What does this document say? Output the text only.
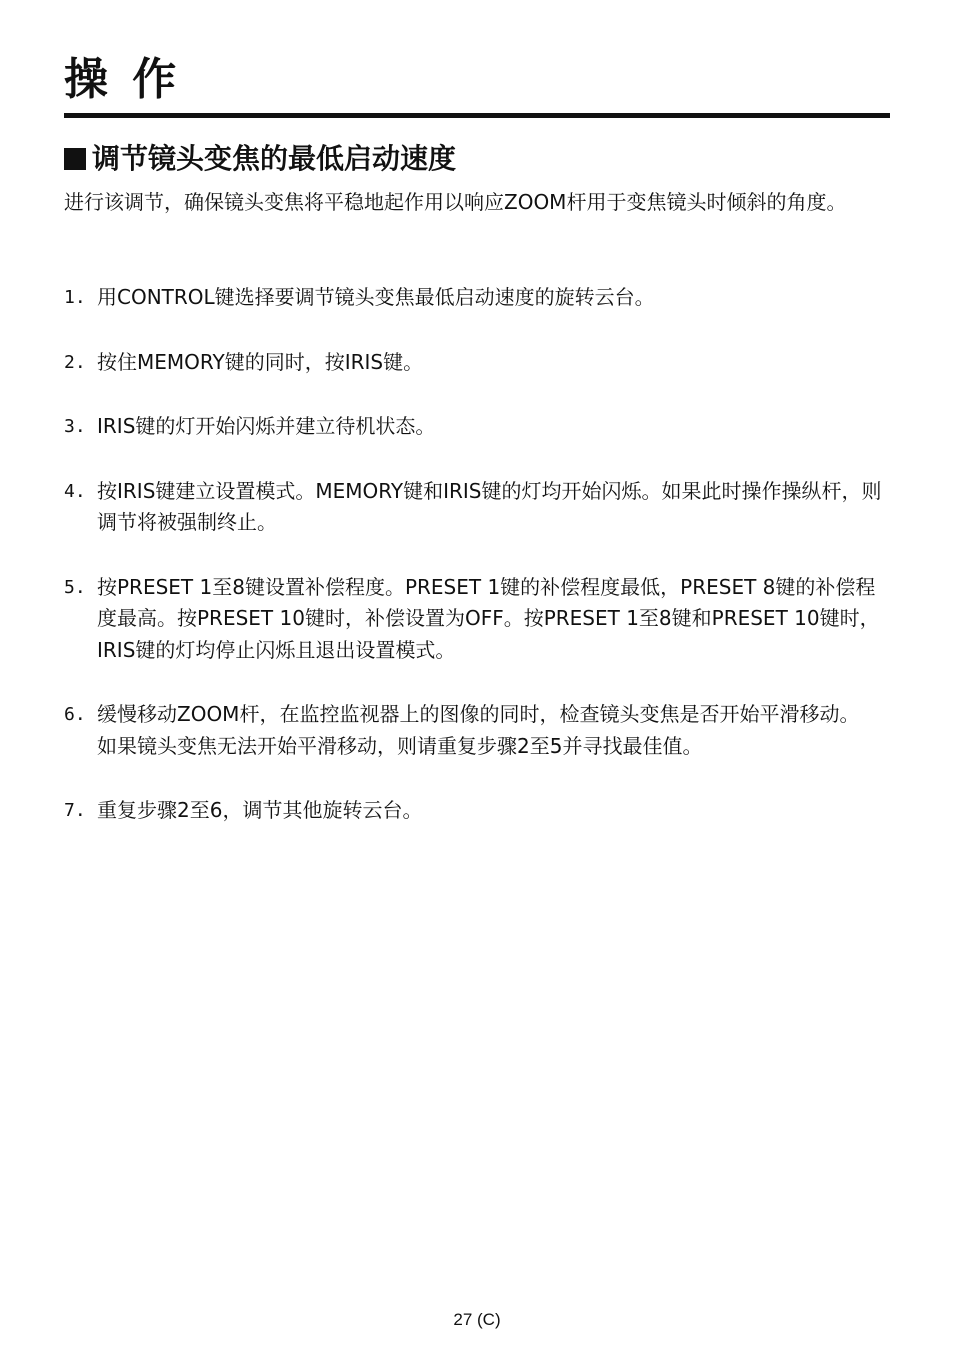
操作
调节镜头变焦的最低启动速度

进行该调节，确保镜头变焦将平稳地起作用以响应ZOOM杆用于变焦镜头时倾斜的角度。

1. 用CONTROL键选择要调节镜头变焦最低启动速度的旋转云台。

2. 按住MEMORY键的同时，按IRIS键。

3. IRIS键的灯开始闪烁并建立待机状态。

4. 按IRIS键建立设置模式。MEMORY键和IRIS键的灯均开始闪烁。如果此时操作操纵杆，则调节将被强制终止。

5. 按PRESET 1至8键设置补偿程度。PRESET 1键的补偿程度最低，PRESET 8键的补偿程度最高。按PRESET 10键时，补偿设置为OFF。按PRESET 1至8键和PRESET 10键时，IRIS键的灯均停止闪烁且退出设置模式。

6. 缓慢移动ZOOM杆，在监控监视器上的图像的同时，检查镜头变焦是否开始平滑移动。

如果镜头变焦无法开始平滑移动，则请重复步骤2至5并寻找最佳值。

7. 重复步骤2至6，调节其他旋转云台。

27 (C)
